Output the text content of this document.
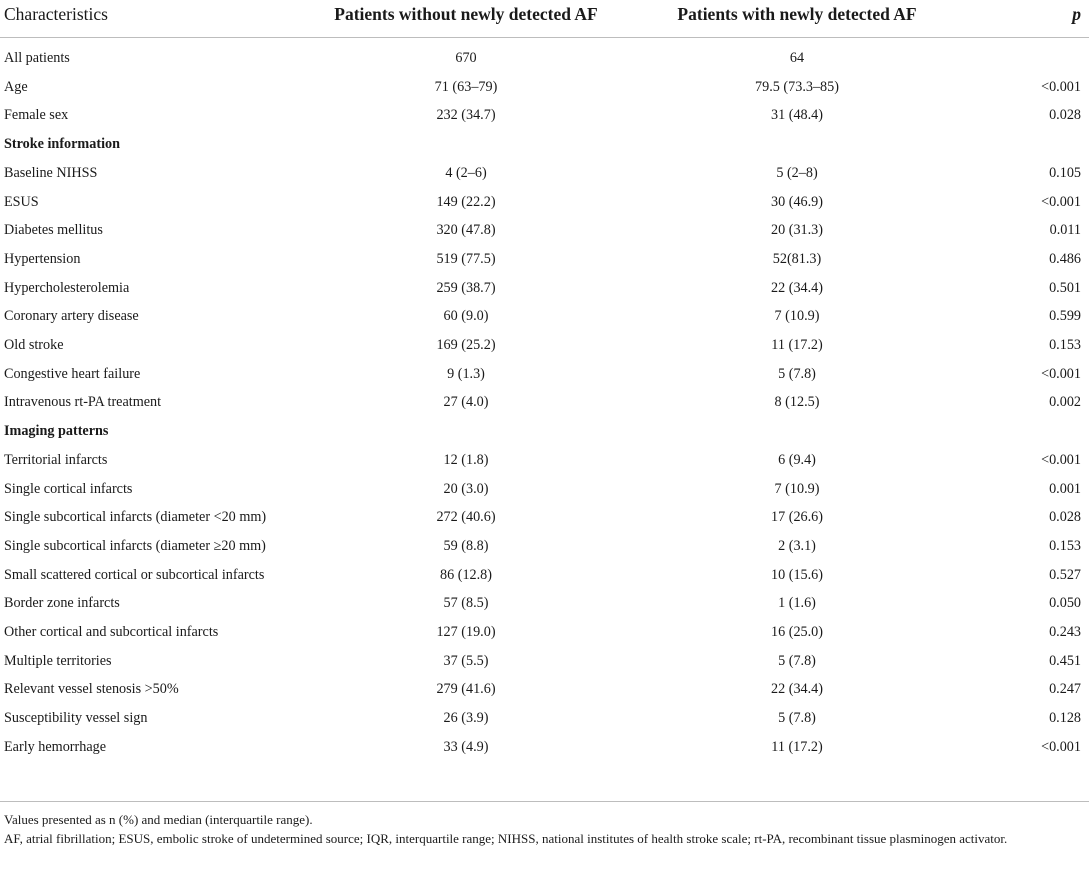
Characteristics	Patients without newly detected AF	Patients with newly detected AF	p
All patients	670	64	
Age	71 (63–79)	79.5 (73.3–85)	<0.001
Female sex	232 (34.7)	31 (48.4)	0.028
Stroke information			
Baseline NIHSS	4 (2–6)	5 (2–8)	0.105
ESUS	149 (22.2)	30 (46.9)	<0.001
Diabetes mellitus	320 (47.8)	20 (31.3)	0.011
Hypertension	519 (77.5)	52(81.3)	0.486
Hypercholesterolemia	259 (38.7)	22 (34.4)	0.501
Coronary artery disease	60 (9.0)	7 (10.9)	0.599
Old stroke	169 (25.2)	11 (17.2)	0.153
Congestive heart failure	9 (1.3)	5 (7.8)	<0.001
Intravenous rt-PA treatment	27 (4.0)	8 (12.5)	0.002
Imaging patterns			
Territorial infarcts	12 (1.8)	6 (9.4)	<0.001
Single cortical infarcts	20 (3.0)	7 (10.9)	0.001
Single subcortical infarcts (diameter <20 mm)	272 (40.6)	17 (26.6)	0.028
Single subcortical infarcts (diameter ≥20 mm)	59 (8.8)	2 (3.1)	0.153
Small scattered cortical or subcortical infarcts	86 (12.8)	10 (15.6)	0.527
Border zone infarcts	57 (8.5)	1 (1.6)	0.050
Other cortical and subcortical infarcts	127 (19.0)	16 (25.0)	0.243
Multiple territories	37 (5.5)	5 (7.8)	0.451
Relevant vessel stenosis >50%	279 (41.6)	22 (34.4)	0.247
Susceptibility vessel sign	26 (3.9)	5 (7.8)	0.128
Early hemorrhage	33 (4.9)	11 (17.2)	<0.001

Values presented as n (%) and median (interquartile range).

AF, atrial fibrillation; ESUS, embolic stroke of undetermined source; IQR, interquartile range; NIHSS, national institutes of health stroke scale; rt-PA, recombinant tissue plasminogen activator.
